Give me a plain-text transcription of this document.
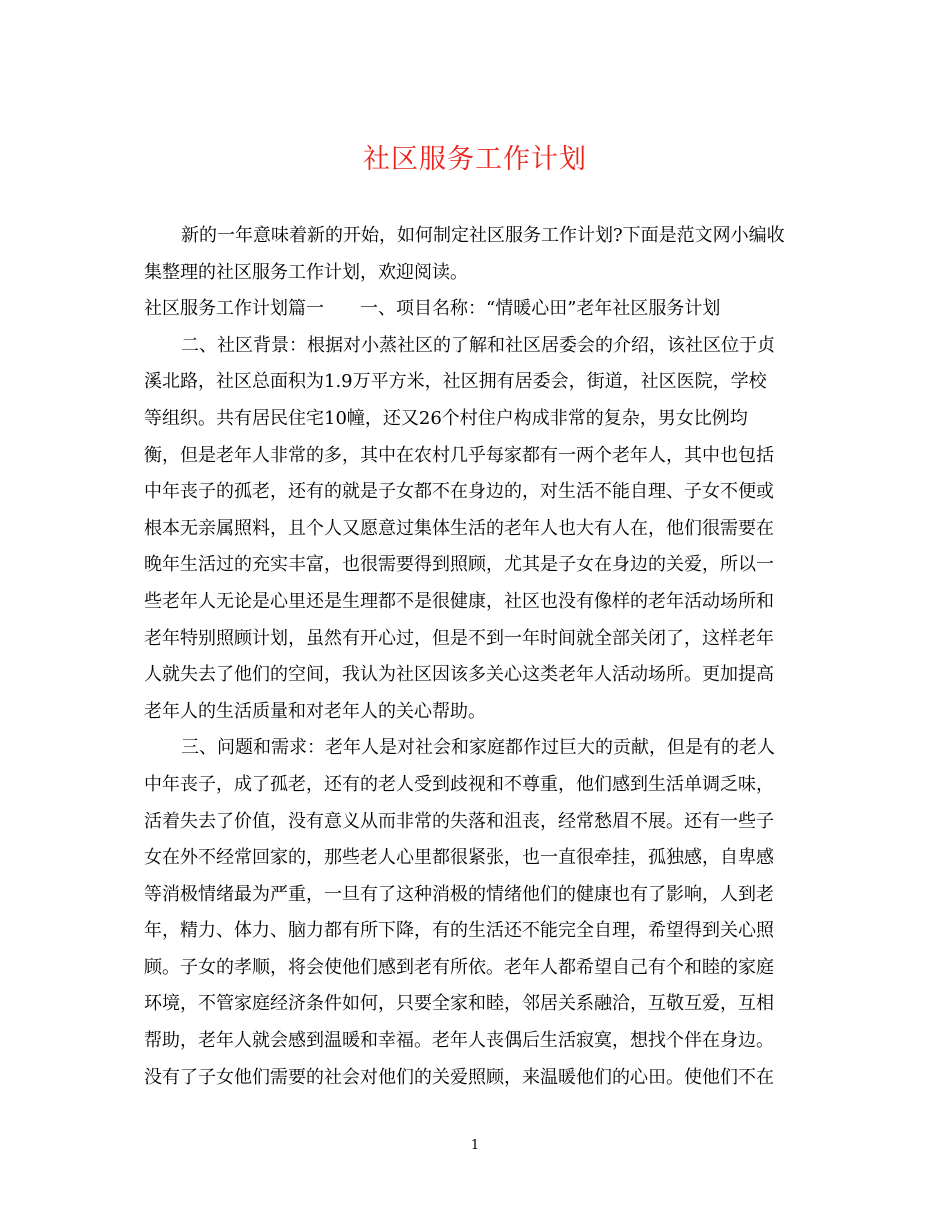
社区服务工作计划
新的一年意味着新的开始，如何制定社区服务工作计划?下面是范文网小编收
集整理的社区服务工作计划，欢迎阅读。
社区服务工作计划篇一　　一、项目名称：“情暖心田”老年社区服务计划
二、社区背景：根据对小蒸社区的了解和社区居委会的介绍，该社区位于贞
溪北路，社区总面积为1.9万平方米，社区拥有居委会，街道，社区医院，学校
等组织。共有居民住宅10幢，还又26个村住户构成非常的复杂，男女比例均
衡，但是老年人非常的多，其中在农村几乎每家都有一两个老年人，其中也包括
中年丧子的孤老，还有的就是子女都不在身边的，对生活不能自理、子女不便或
根本无亲属照料，且个人又愿意过集体生活的老年人也大有人在，他们很需要在
晚年生活过的充实丰富，也很需要得到照顾，尤其是子女在身边的关爱，所以一
些老年人无论是心里还是生理都不是很健康，社区也没有像样的老年活动场所和
老年特别照顾计划，虽然有开心过，但是不到一年时间就全部关闭了，这样老年
人就失去了他们的空间，我认为社区因该多关心这类老年人活动场所。更加提高
老年人的生活质量和对老年人的关心帮助。
三、问题和需求：老年人是对社会和家庭都作过巨大的贡献，但是有的老人
中年丧子，成了孤老，还有的老人受到歧视和不尊重，他们感到生活单调乏味，
活着失去了价值，没有意义从而非常的失落和沮丧，经常愁眉不展。还有一些子
女在外不经常回家的，那些老人心里都很紧张，也一直很牵挂，孤独感，自卑感
等消极情绪最为严重，一旦有了这种消极的情绪他们的健康也有了影响，人到老
年，精力、体力、脑力都有所下降，有的生活还不能完全自理，希望得到关心照
顾。子女的孝顺，将会使他们感到老有所依。老年人都希望自己有个和睦的家庭
环境，不管家庭经济条件如何，只要全家和睦，邻居关系融洽，互敬互爱，互相
帮助，老年人就会感到温暖和幸福。老年人丧偶后生活寂寞，想找个伴在身边。
没有了子女他们需要的社会对他们的关爱照顾，来温暖他们的心田。使他们不在
1
